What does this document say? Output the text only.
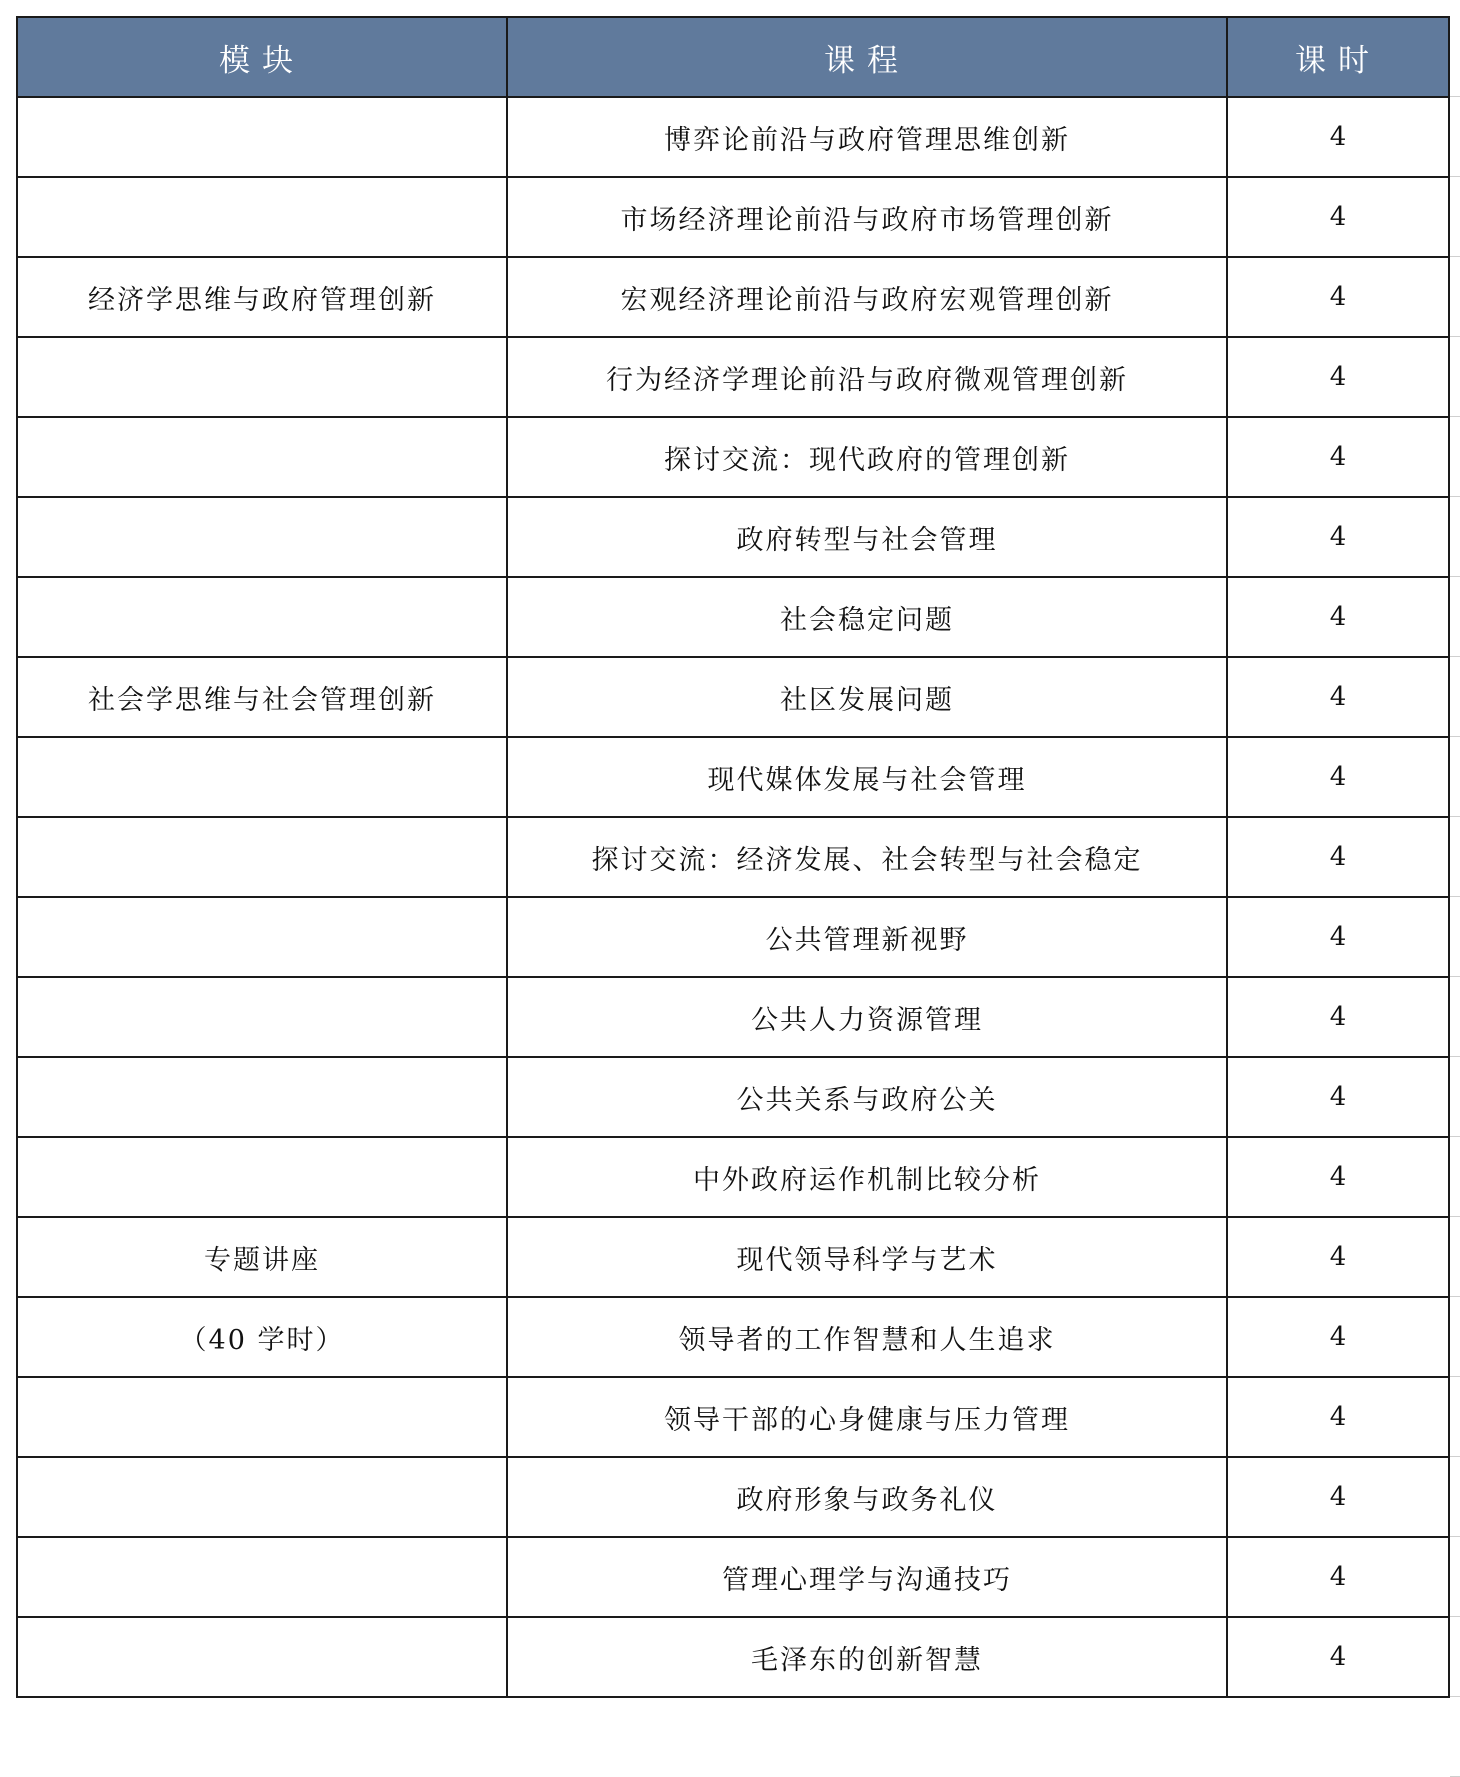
模块	课程	课时
	博弈论前沿与政府管理思维创新	4
	市场经济理论前沿与政府市场管理创新	4
经济学思维与政府管理创新	宏观经济理论前沿与政府宏观管理创新	4
	行为经济学理论前沿与政府微观管理创新	4
	探讨交流：现代政府的管理创新	4
	政府转型与社会管理	4
	社会稳定问题	4
社会学思维与社会管理创新	社区发展问题	4
	现代媒体发展与社会管理	4
	探讨交流：经济发展、社会转型与社会稳定	4
	公共管理新视野	4
	公共人力资源管理	4
	公共关系与政府公关	4
	中外政府运作机制比较分析	4
专题讲座	现代领导科学与艺术	4
（40 学时）	领导者的工作智慧和人生追求	4
	领导干部的心身健康与压力管理	4
	政府形象与政务礼仪	4
	管理心理学与沟通技巧	4
	毛泽东的创新智慧	4
